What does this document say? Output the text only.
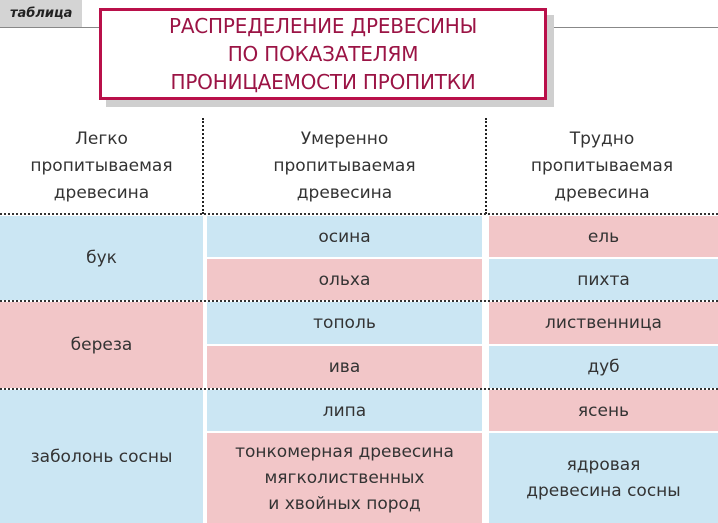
таблица
РАСПРЕДЕЛЕНИЕ ДРЕВЕСИНЫ
ПО ПОКАЗАТЕЛЯМ
ПРОНИЦАЕМОСТИ ПРОПИТКИ
Легко
пропитываемая
древесина
Умеренно
пропитываемая
древесина
Трудно
пропитываемая
древесина
бук
береза
заболонь сосны
осина
ольха
тополь
ива
липа
тонкомерная древесина
мягколиственных
и хвойных пород
ель
пихта
лиственница
дуб
ясень
ядровая
древесина сосны
